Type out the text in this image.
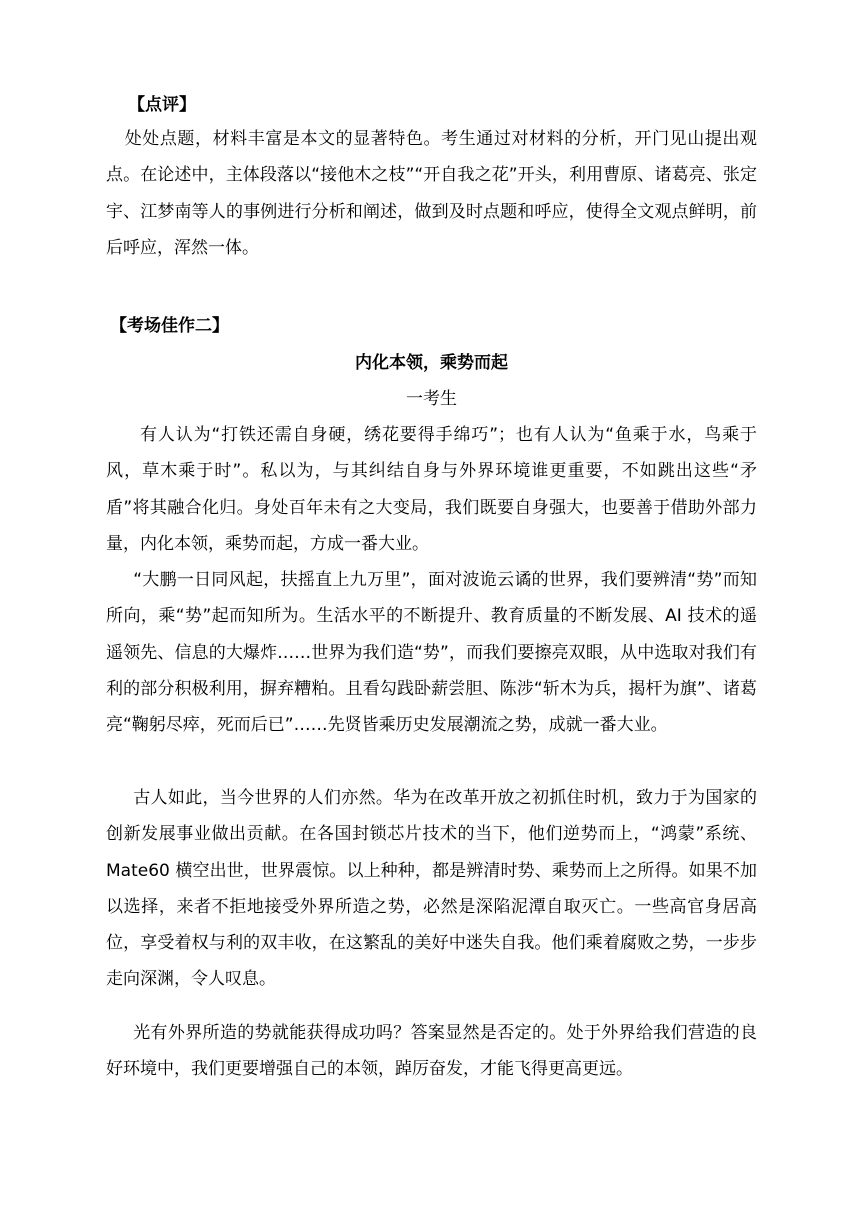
【点评】

处处点题，材料丰富是本文的显著特色。考生通过对材料的分析，开门见山提出观点。在论述中，主体段落以“接他木之枝”“开自我之花”开头，利用曹原、诸葛亮、张定宇、江梦南等人的事例进行分析和阐述，做到及时点题和呼应，使得全文观点鲜明，前后呼应，浑然一体。

【考场佳作二】
内化本领，乘势而起
一考生

有人认为“打铁还需自身硬，绣花要得手绵巧”；也有人认为“鱼乘于水，鸟乘于风，草木乘于时”。私以为，与其纠结自身与外界环境谁更重要，不如跳出这些“矛盾”将其融合化归。身处百年未有之大变局，我们既要自身强大，也要善于借助外部力量，内化本领，乘势而起，方成一番大业。

“大鹏一日同风起，扶摇直上九万里”，面对波诡云谲的世界，我们要辨清“势”而知所向，乘“势”起而知所为。生活水平的不断提升、教育质量的不断发展、AI 技术的遥遥领先、信息的大爆炸……世界为我们造“势”，而我们要擦亮双眼，从中选取对我们有利的部分积极利用，摒弃糟粕。且看勾践卧薪尝胆、陈涉“斩木为兵，揭杆为旗”、诸葛亮“鞠躬尽瘁，死而后已”……先贤皆乘历史发展潮流之势，成就一番大业。

古人如此，当今世界的人们亦然。华为在改革开放之初抓住时机，致力于为国家的创新发展事业做出贡献。在各国封锁芯片技术的当下，他们逆势而上，“鸿蒙”系统、Mate60 横空出世，世界震惊。以上种种，都是辨清时势、乘势而上之所得。如果不加以选择，来者不拒地接受外界所造之势，必然是深陷泥潭自取灭亡。一些高官身居高位，享受着权与利的双丰收，在这繁乱的美好中迷失自我。他们乘着腐败之势，一步步走向深渊，令人叹息。

光有外界所造的势就能获得成功吗？答案显然是否定的。处于外界给我们营造的良好环境中，我们更要增强自己的本领，踔厉奋发，才能飞得更高更远。
